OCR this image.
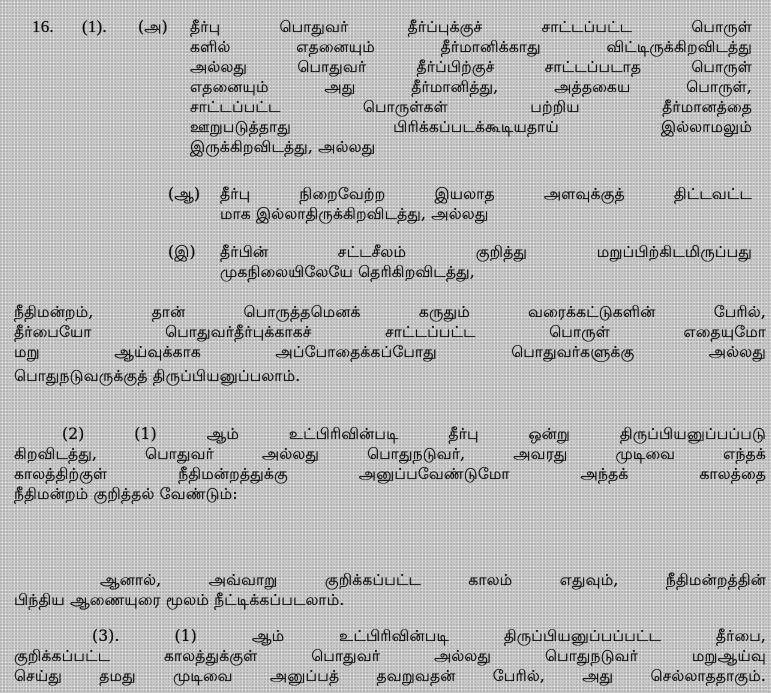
16. (1). (அ) தீர்பு பொதுவர் தீர்ப்புக்குச் சாட்டப்பட்ட பொருள்
களில் எதனையும் தீர்மானிக்காது விட்டிருக்கிறவிடத்து
அல்லது பொதுவர் தீர்ப்பிற்குச் சாட்டப்படாத பொருள்
எதனையும் அது தீர்மானித்து, அத்தகைய பொருள்,
சாட்டப்பட்ட பொருள்கள் பற்றிய தீர்மானத்தை
ஊறுபடுத்தாது பிரிக்கப்படக்கூடியதாய் இல்லாமலும்
இருக்கிறவிடத்து, அல்லது
(ஆ) தீர்பு நிறைவேற்ற இயலாத அளவுக்குத் திட்டவட்ட
மாக இல்லாதிருக்கிறவிடத்து, அல்லது
(இ) தீர்பின் சட்டசீலம் குறித்து மறுப்பிற்கிடமிருப்பது
முகநிலையிலேயே தெரிகிறவிடத்து,
நீதிமன்றம், தான் பொருத்தமெனக் கருதும் வரைக்கட்டுகளின் பேரில்,
தீர்பையோ பொதுவர்தீர்புக்காகச் சாட்டப்பட்ட பொருள் எதையுமோ
மறு ஆய்வுக்காக அப்போதைக்கப்போது பொதுவர்களுக்கு அல்லது
பொதுநடுவருக்குத் திருப்பியனுப்பலாம்.
(2) (1) ஆம் உட்பிரிவின்படி தீர்பு ஒன்று திருப்பியனுப்பப்படு
கிறவிடத்து, பொதுவர் அல்லது பொதுநடுவர், அவரது முடிவை எந்தக்
காலத்திற்குள் நீதிமன்றத்துக்கு அனுப்பவேண்டுமோ அந்தக் காலத்தை
நீதிமன்றம் குறித்தல் வேண்டும்:
ஆனால், அவ்வாறு குறிக்கப்பட்ட காலம் எதுவும், நீதிமன்றத்தின்
பிந்திய ஆணையுரை மூலம் நீட்டிக்கப்படலாம்.
(3). (1) ஆம் உட்பிரிவின்படி திருப்பியனுப்பப்பட்ட தீர்பை,
குறிக்கப்பட்ட காலத்துக்குள் பொதுவர் அல்லது பொதுநடுவர் மறுஆய்வு
செய்து தமது முடிவை அனுப்பத் தவறுவதன் பேரில், அது செல்லாததாகும்.
